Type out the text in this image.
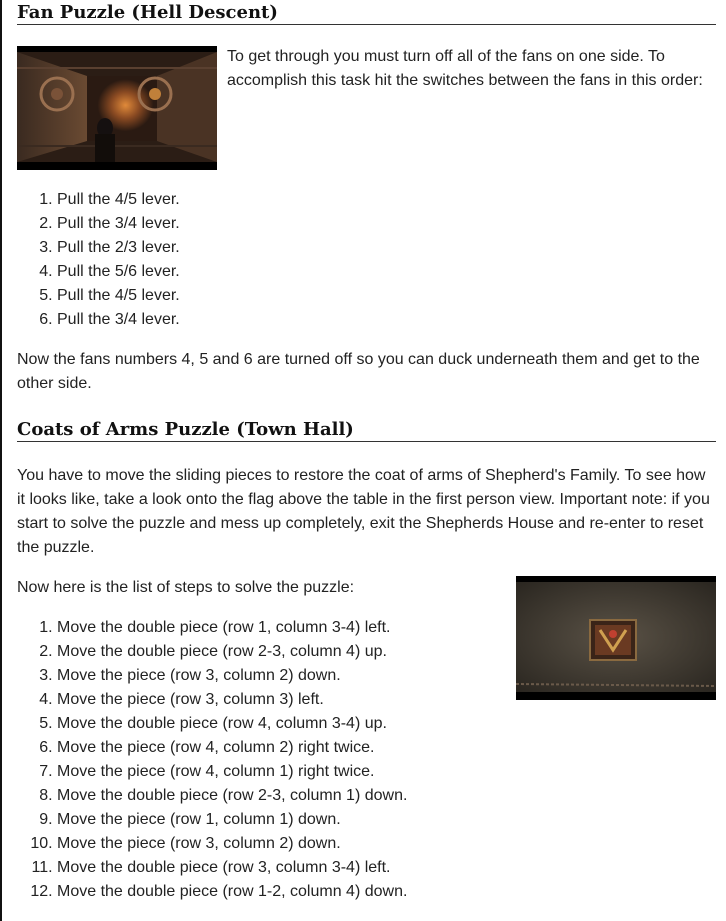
Fan Puzzle (Hell Descent)

To get through you must turn off all of the fans on one side. To accomplish this task hit the switches between the fans in this order:

1. Pull the 4/5 lever.
2. Pull the 3/4 lever.
3. Pull the 2/3 lever.
4. Pull the 5/6 lever.
5. Pull the 4/5 lever.
6. Pull the 3/4 lever.

Now the fans numbers 4, 5 and 6 are turned off so you can duck underneath them and get to the other side.

Coats of Arms Puzzle (Town Hall)

You have to move the sliding pieces to restore the coat of arms of Shepherd's Family. To see how it looks like, take a look onto the flag above the table in the first person view. Important note: if you start to solve the puzzle and mess up completely, exit the Shepherds House and re-enter to reset the puzzle.

Now here is the list of steps to solve the puzzle:

1. Move the double piece (row 1, column 3-4) left.
2. Move the double piece (row 2-3, column 4) up.
3. Move the piece (row 3, column 2) down.
4. Move the piece (row 3, column 3) left.
5. Move the double piece (row 4, column 3-4) up.
6. Move the piece (row 4, column 2) right twice.
7. Move the piece (row 4, column 1) right twice.
8. Move the double piece (row 2-3, column 1) down.
9. Move the piece (row 1, column 1) down.
10. Move the piece (row 3, column 2) down.
11. Move the double piece (row 3, column 3-4) left.
12. Move the double piece (row 1-2, column 4) down.
